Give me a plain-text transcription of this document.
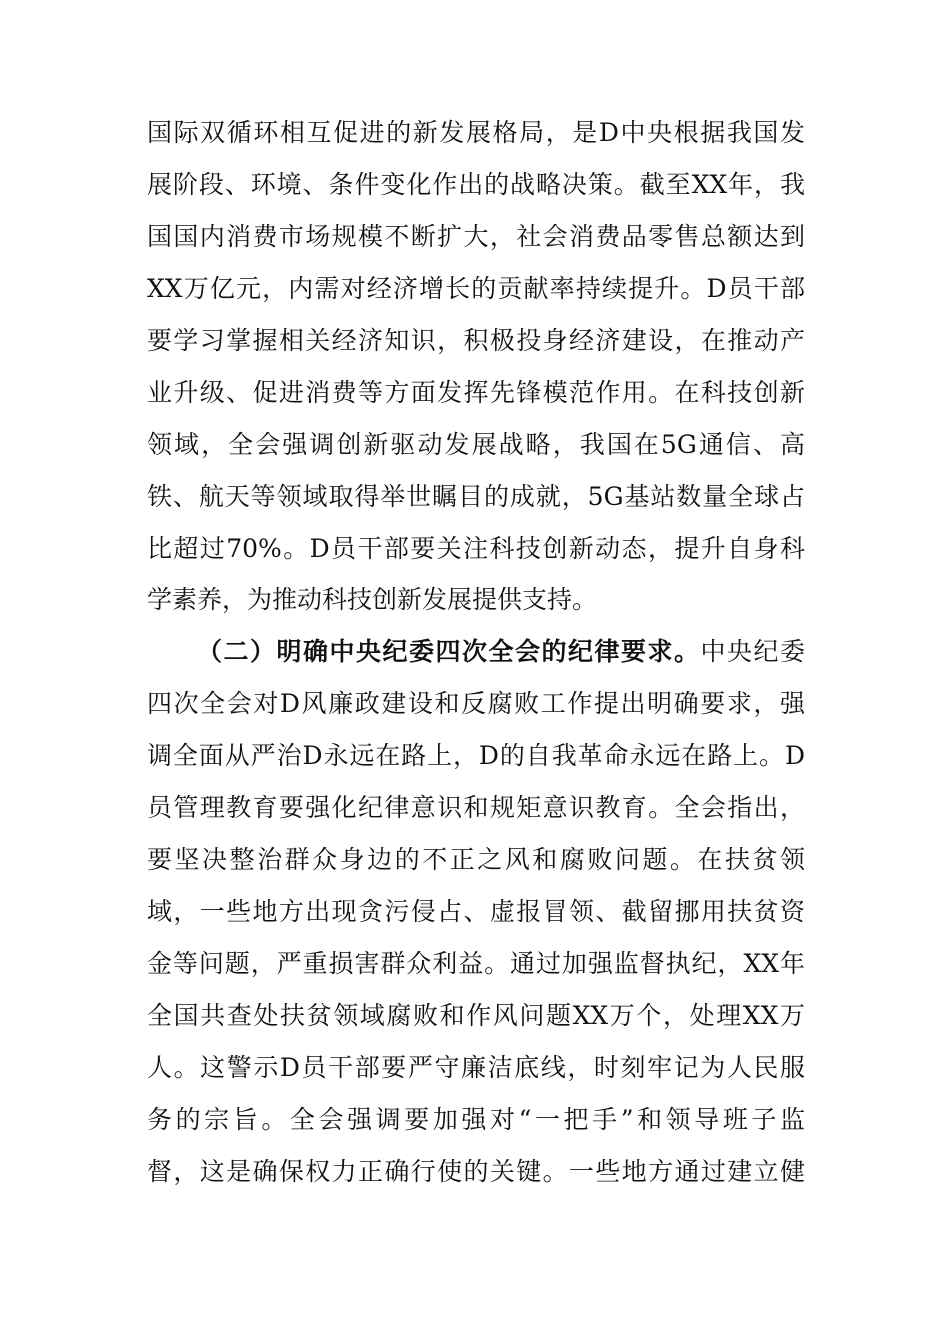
国际双循环相互促进的新发展格局，是D中央根据我国发
展阶段、环境、条件变化作出的战略决策。截至XX年，我
国国内消费市场规模不断扩大，社会消费品零售总额达到
XX万亿元，内需对经济增长的贡献率持续提升。D员干部
要学习掌握相关经济知识，积极投身经济建设，在推动产
业升级、促进消费等方面发挥先锋模范作用。在科技创新
领域，全会强调创新驱动发展战略，我国在5G通信、高
铁、航天等领域取得举世瞩目的成就，5G基站数量全球占
比超过70%。D员干部要关注科技创新动态，提升自身科
学素养，为推动科技创新发展提供支持。
（二）明确中央纪委四次全会的纪律要求。中央纪委
四次全会对D风廉政建设和反腐败工作提出明确要求，强
调全面从严治D永远在路上，D的自我革命永远在路上。D
员管理教育要强化纪律意识和规矩意识教育。全会指出，
要坚决整治群众身边的不正之风和腐败问题。在扶贫领
域，一些地方出现贪污侵占、虚报冒领、截留挪用扶贫资
金等问题，严重损害群众利益。通过加强监督执纪，XX年
全国共查处扶贫领域腐败和作风问题XX万个，处理XX万
人。这警示D员干部要严守廉洁底线，时刻牢记为人民服
务的宗旨。全会强调要加强对“一把手”和领导班子监
督，这是确保权力正确行使的关键。一些地方通过建立健
